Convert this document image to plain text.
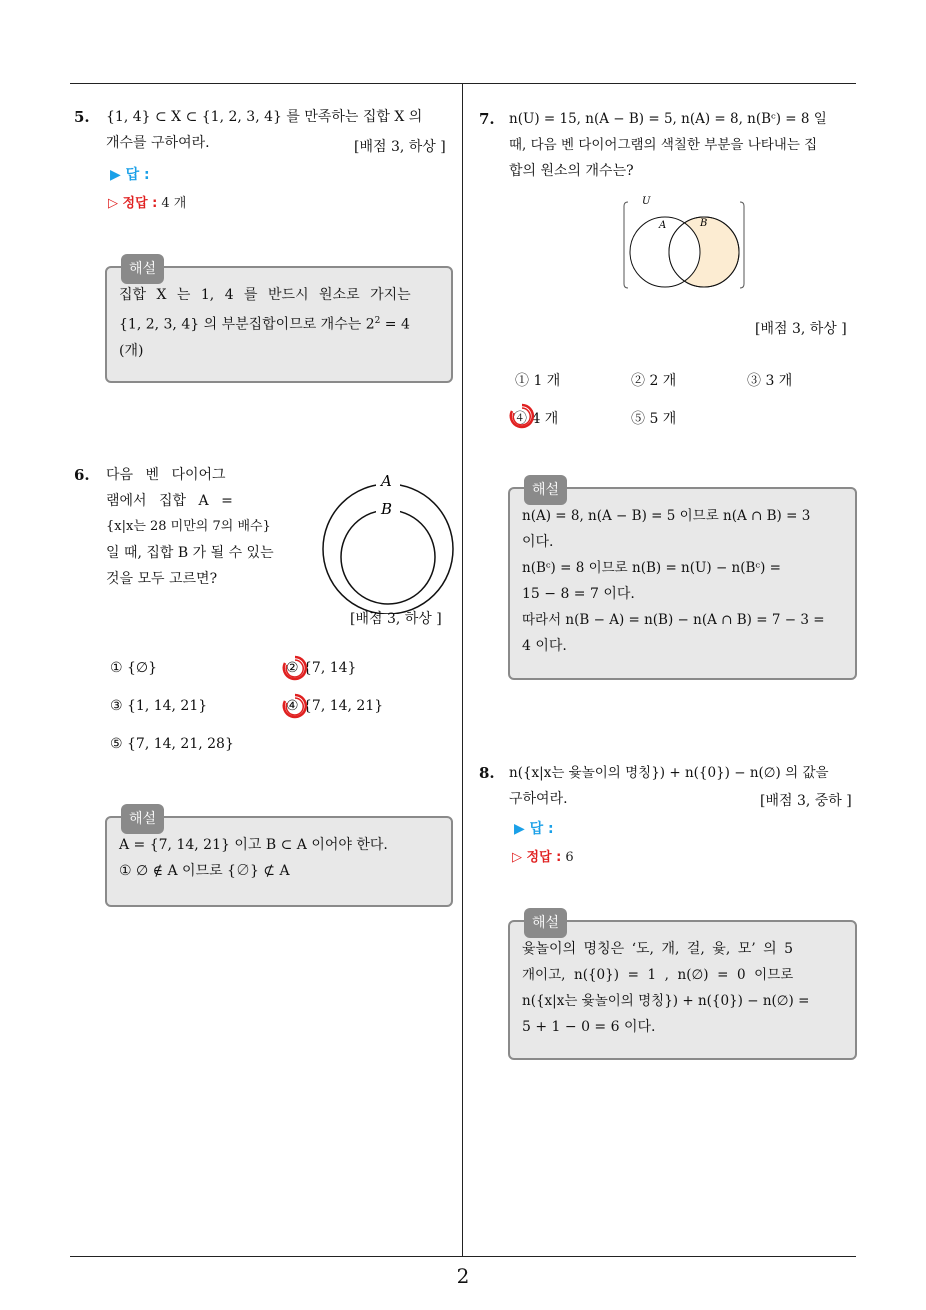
2
5. {1, 4} ⊂ X ⊂ {1, 2, 3, 4} 를 만족하는 집합 X 의
개수를 구하여라.	[배점 3, 하상 ]
▶ 답 :
▷ 정답 : 4 개
해설
집합 X 는 1, 4 를 반드시 원소로 가지는
{1, 2, 3, 4} 의 부분집합이므로 개수는 $2^2 = 4$
(개)
6. 다음 벤 다이어그
램에서 집합 A =
{x|x는 28 미만의 7의 배수}
일 때, 집합 B 가 될 수 있는
것을 모두 고르면?
A
B
[배점 3, 하상 ]
① {∅}	② {7, 14}
③ {1, 14, 21}	④ {7, 14, 21}
⑤ {7, 14, 21, 28}
해설
A = {7, 14, 21} 이고 B ⊂ A 이어야 한다.
① ∅ ∉ A 이므로 {∅} ⊄ A
7. n(U) = 15, n(A − B) = 5, n(A) = 8, n(Bᶜ) = 8 일
때, 다음 벤 다이어그램의 색칠한 부분을 나타내는 집
합의 원소의 개수는?
U
A	B
[배점 3, 하상 ]
① 1 개	② 2 개	③ 3 개
④ 4 개	⑤ 5 개
해설
n(A) = 8, n(A − B) = 5 이므로 n(A ∩ B) = 3
이다.
n(Bᶜ) = 8 이므로 n(B) = n(U) − n(Bᶜ) =
15 − 8 = 7 이다.
따라서 n(B − A) = n(B) − n(A ∩ B) = 7 − 3 =
4 이다.
8. n({x|x는 윷놀이의 명칭}) + n({0}) − n(∅) 의 값을
구하여라.	[배점 3, 중하 ]
▶ 답 :
▷ 정답 : 6
해설
윷놀이의 명칭은 ‘도, 개, 걸, 윷, 모’ 의 5
개이고,  n({0})  =  1  ,  n(∅)  =  0  이므로
n({x|x는 윷놀이의 명칭}) + n({0}) − n(∅) =
5 + 1 − 0 = 6 이다.
